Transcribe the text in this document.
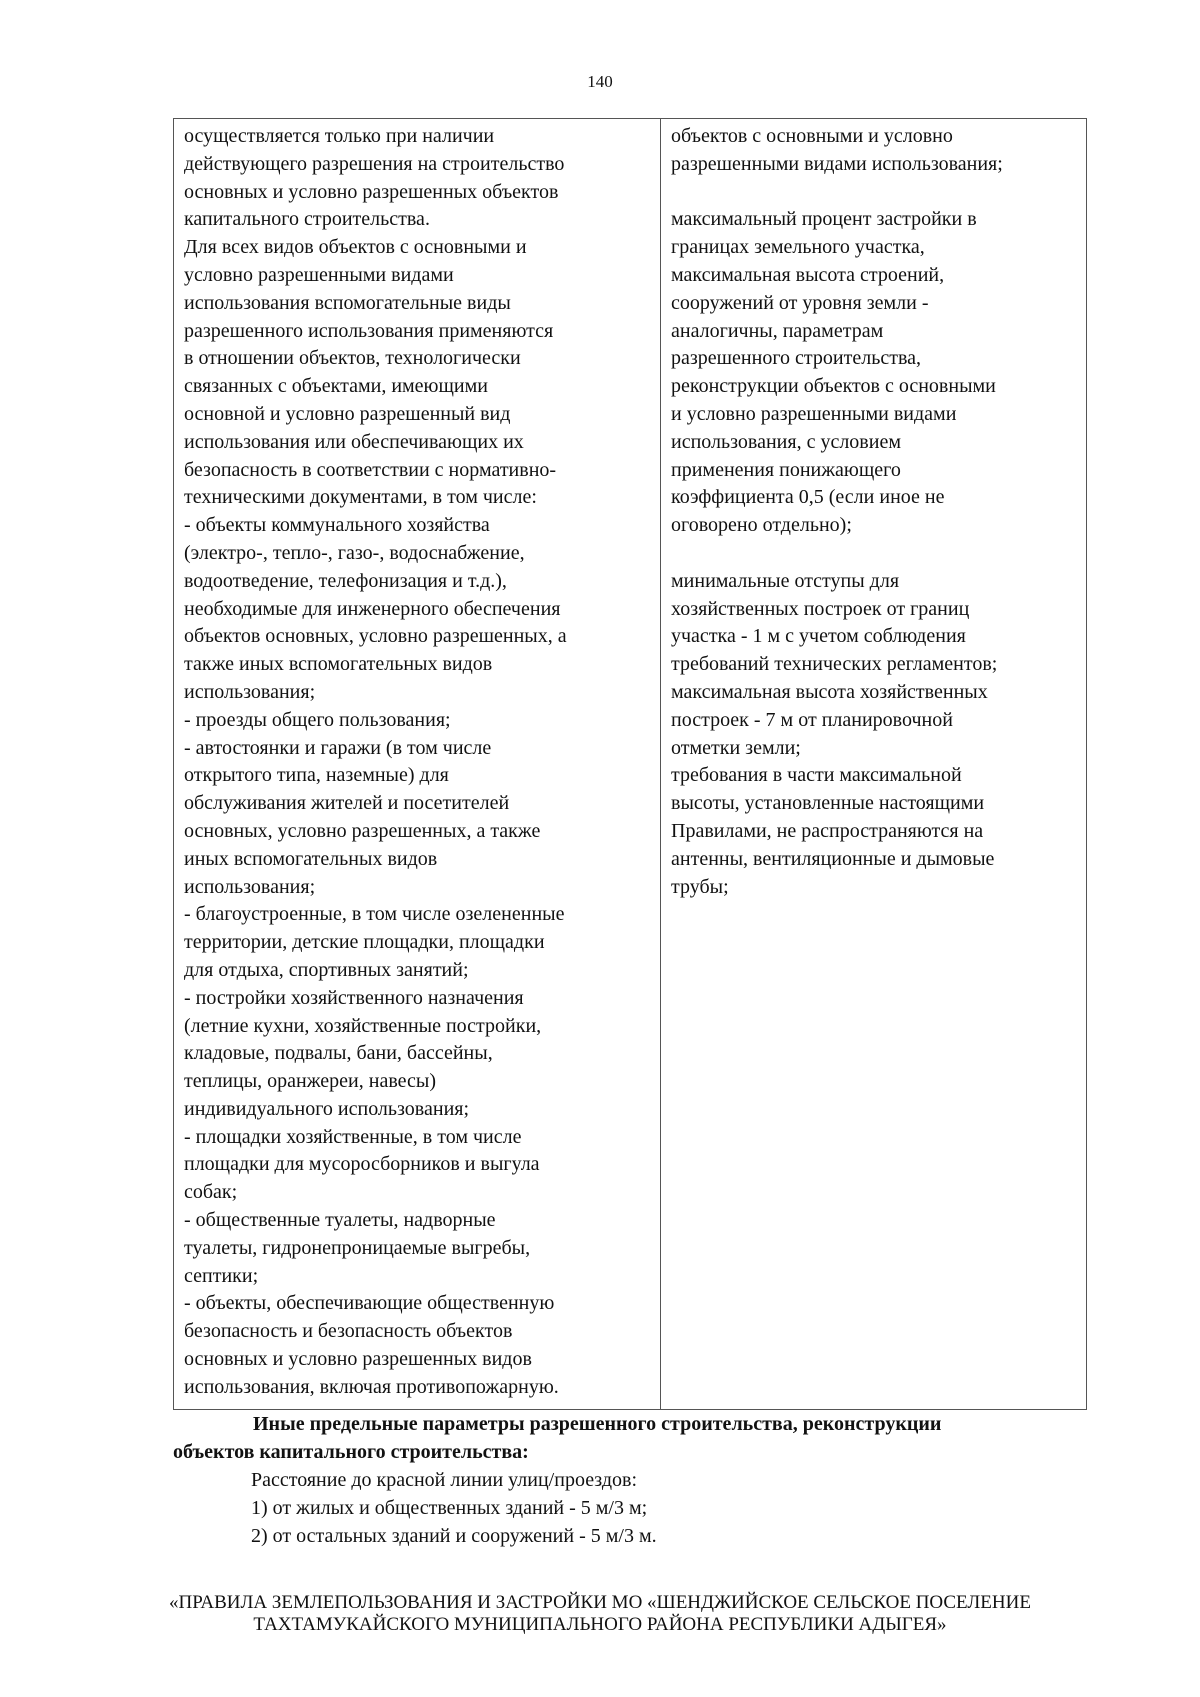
140
осуществляется только при наличии
действующего разрешения на строительство
основных и условно разрешенных объектов
капитального строительства.
Для всех видов объектов с основными и
условно разрешенными видами
использования вспомогательные виды
разрешенного использования применяются
в отношении объектов, технологически
связанных с объектами, имеющими
основной и условно разрешенный вид
использования или обеспечивающих их
безопасность в соответствии с нормативно-
техническими документами, в том числе:
- объекты коммунального хозяйства
(электро-, тепло-, газо-, водоснабжение,
водоотведение, телефонизация и т.д.),
необходимые для инженерного обеспечения
объектов основных, условно разрешенных, а
также иных вспомогательных видов
использования;
- проезды общего пользования;
- автостоянки и гаражи (в том числе
открытого типа, наземные) для
обслуживания жителей и посетителей
основных, условно разрешенных, а также
иных вспомогательных видов
использования;
- благоустроенные, в том числе озелененные
территории, детские площадки, площадки
для отдыха, спортивных занятий;
- постройки хозяйственного назначения
(летние кухни, хозяйственные постройки,
кладовые, подвалы, бани, бассейны,
теплицы, оранжереи, навесы)
индивидуального использования;
- площадки хозяйственные, в том числе
площадки для мусоросборников и выгула
собак;
- общественные туалеты, надворные
туалеты, гидронепроницаемые выгребы,
септики;
- объекты, обеспечивающие общественную
безопасность и безопасность объектов
основных и условно разрешенных видов
использования, включая противопожарную.
объектов с основными и условно
разрешенными видами использования;
максимальный процент застройки в
границах земельного участка,
максимальная высота строений,
сооружений от уровня земли -
аналогичны, параметрам
разрешенного строительства,
реконструкции объектов с основными
и условно разрешенными видами
использования, с условием
применения понижающего
коэффициента 0,5 (если иное не
оговорено отдельно);
минимальные отступы для
хозяйственных построек от границ
участка - 1 м с учетом соблюдения
требований технических регламентов;
максимальная высота хозяйственных
построек - 7 м от планировочной
отметки земли;
требования в части максимальной
высоты, установленные настоящими
Правилами, не распространяются на
антенны, вентиляционные и дымовые
трубы;
Иные предельные параметры разрешенного строительства, реконструкции
объектов капитального строительства:
Расстояние до красной линии улиц/проездов:
1) от жилых и общественных зданий - 5 м/3 м;
2) от остальных зданий и сооружений - 5 м/3 м.
«ПРАВИЛА ЗЕМЛЕПОЛЬЗОВАНИЯ И ЗАСТРОЙКИ МО «ШЕНДЖИЙСКОЕ СЕЛЬСКОЕ ПОСЕЛЕНИЕ
ТАХТАМУКАЙСКОГО МУНИЦИПАЛЬНОГО РАЙОНА РЕСПУБЛИКИ АДЫГЕЯ»
